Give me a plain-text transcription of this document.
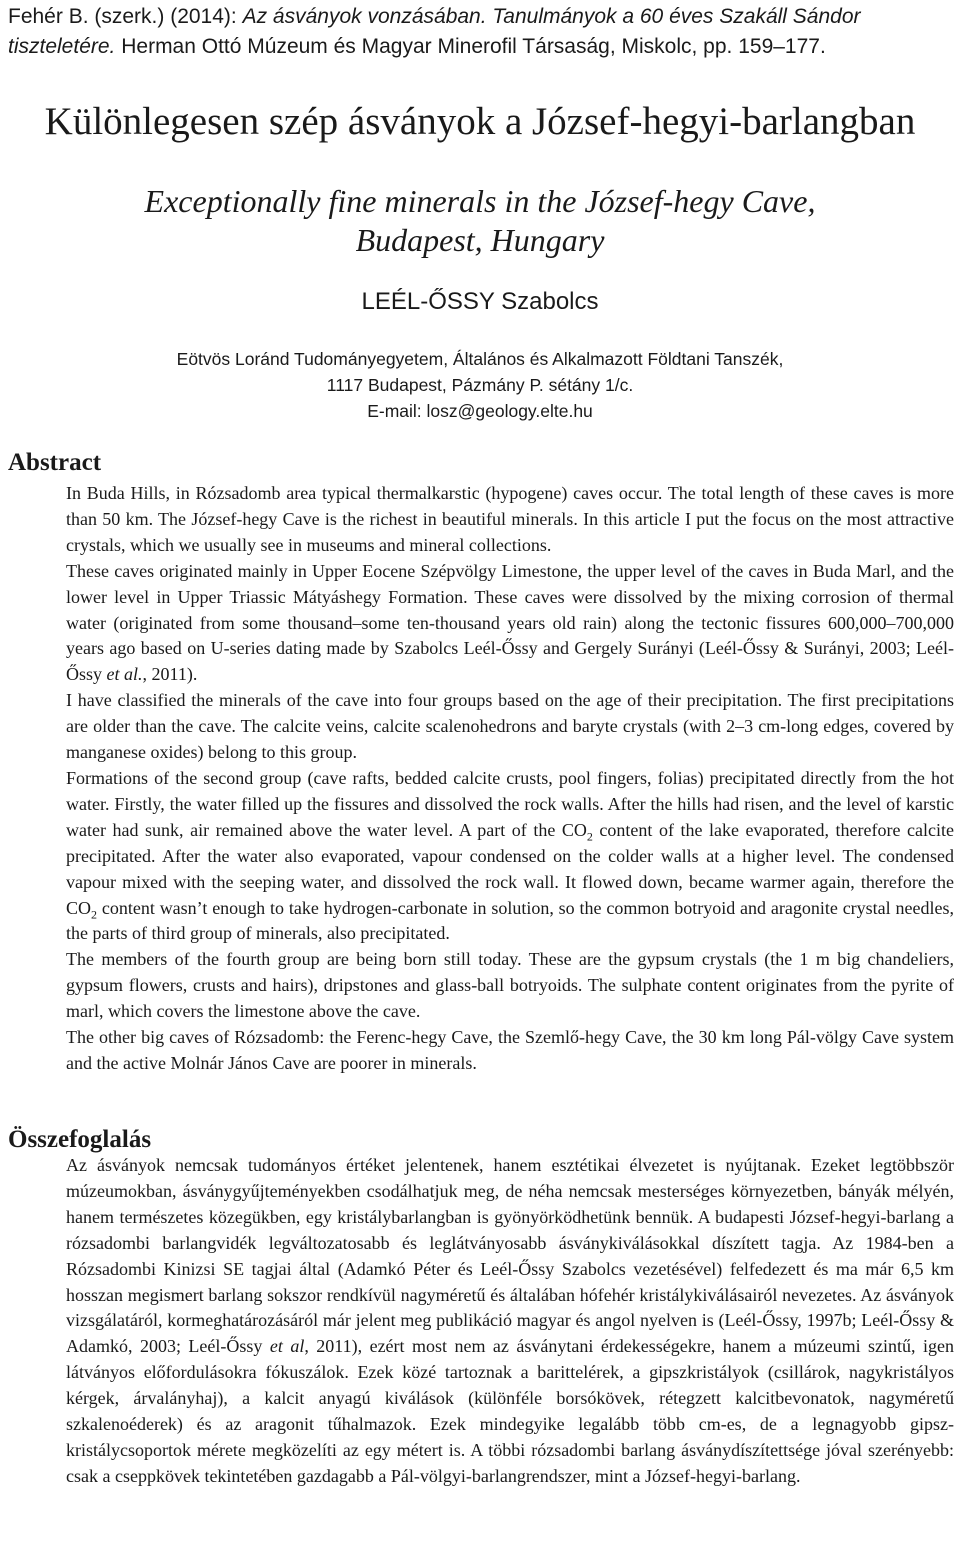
Fehér B. (szerk.) (2014): Az ásványok vonzásában. Tanulmányok a 60 éves Szakáll Sándor tiszteletére. Herman Ottó Múzeum és Magyar Minerofil Társaság, Miskolc, pp. 159–177.
Különlegesen szép ásványok a József-hegyi-barlangban
Exceptionally fine minerals in the József-hegy Cave,
Budapest, Hungary
LEÉL-ŐSSY Szabolcs
Eötvös Loránd Tudományegyetem, Általános és Alkalmazott Földtani Tanszék,
1117 Budapest, Pázmány P. sétány 1/c.
E-mail: losz@geology.elte.hu
Abstract

In Buda Hills, in Rózsadomb area typical thermalkarstic (hypogene) caves occur. The total length of these caves is more than 50 km. The József-hegy Cave is the richest in beautiful minerals. In this article I put the focus on the most attractive crystals, which we usually see in museums and mineral collections.

These caves originated mainly in Upper Eocene Szépvölgy Limestone, the upper level of the caves in Buda Marl, and the lower level in Upper Triassic Mátyáshegy Formation. These caves were dissolved by the mixing corrosion of thermal water (originated from some thousand–some ten-thousand years old rain) along the tectonic fissures 600,000–700,000 years ago based on U-series dating made by Szabolcs Leél-Őssy and Gergely Surányi (Leél-Őssy & Surányi, 2003; Leél-Őssy et al., 2011).

I have classified the minerals of the cave into four groups based on the age of their precipitation. The first precipitations are older than the cave. The calcite veins, calcite scalenohedrons and baryte crystals (with 2–3 cm-long edges, covered by manganese oxides) belong to this group.

Formations of the second group (cave rafts, bedded calcite crusts, pool fingers, folias) precipitated directly from the hot water. Firstly, the water filled up the fissures and dissolved the rock walls. After the hills had risen, and the level of karstic water had sunk, air remained above the water level. A part of the $CO_2$ content of the lake evaporated, therefore calcite precipitated. After the water also evaporated, vapour condensed on the colder walls at a higher level. The condensed vapour mixed with the seeping water, and dissolved the rock wall. It flowed down, became warmer again, therefore the $CO_2$ content wasn’t enough to take hydrogen-carbonate in solution, so the common botryoid and aragonite crystal needles, the parts of third group of minerals, also precipitated.

The members of the fourth group are being born still today. These are the gypsum crystals (the 1 m big chandeliers, gypsum flowers, crusts and hairs), dripstones and glass-ball botryoids. The sulphate content originates from the pyrite of marl, which covers the limestone above the cave.

The other big caves of Rózsadomb: the Ferenc-hegy Cave, the Szemlő-hegy Cave, the 30 km long Pál-völgy Cave system and the active Molnár János Cave are poorer in minerals.

Összefoglalás

Az ásványok nemcsak tudományos értéket jelentenek, hanem esztétikai élvezetet is nyújtanak. Ezeket legtöbbször múzeumokban, ásványgyűjteményekben csodálhatjuk meg, de néha nemcsak mesterséges környezetben, bányák mélyén, hanem természetes közegükben, egy kristálybarlangban is gyönyörködhetünk bennük. A budapesti József-hegyi-barlang a rózsadombi barlangvidék legváltozatosabb és leglátványosabb ásványkiválásokkal díszített tagja. Az 1984-ben a Rózsadombi Kinizsi SE tagjai által (Adamkó Péter és Leél-Őssy Szabolcs vezetésével) felfedezett és ma már 6,5 km hosszan megismert barlang sokszor rendkívül nagyméretű és általában hófehér kristálykiválásairól nevezetes. Az ásványok vizsgálatáról, kormeghatározásáról már jelent meg publikáció magyar és angol nyelven is (Leél-Őssy, 1997b; Leél-Őssy & Adamkó, 2003; Leél-Őssy et al, 2011), ezért most nem az ásványtani érdekességekre, hanem a múzeumi szintű, igen látványos előfordulásokra fókuszálok. Ezek közé tartoznak a barittelérek, a gipszkristályok (csillárok, nagykristályos kérgek, árvalányhaj), a kalcit anyagú kiválások (különféle borsókövek, rétegzett kalcitbevonatok, nagyméretű szkalenoéderek) és az aragonit tűhalmazok. Ezek mindegyike legalább több cm-es, de a legnagyobb gipsz-kristálycsoportok mérete megközelíti az egy métert is. A többi rózsadombi barlang ásványdíszítettsége jóval szerényebb: csak a cseppkövek tekintetében gazdagabb a Pál-völgyi-barlangrendszer, mint a József-hegyi-barlang.
